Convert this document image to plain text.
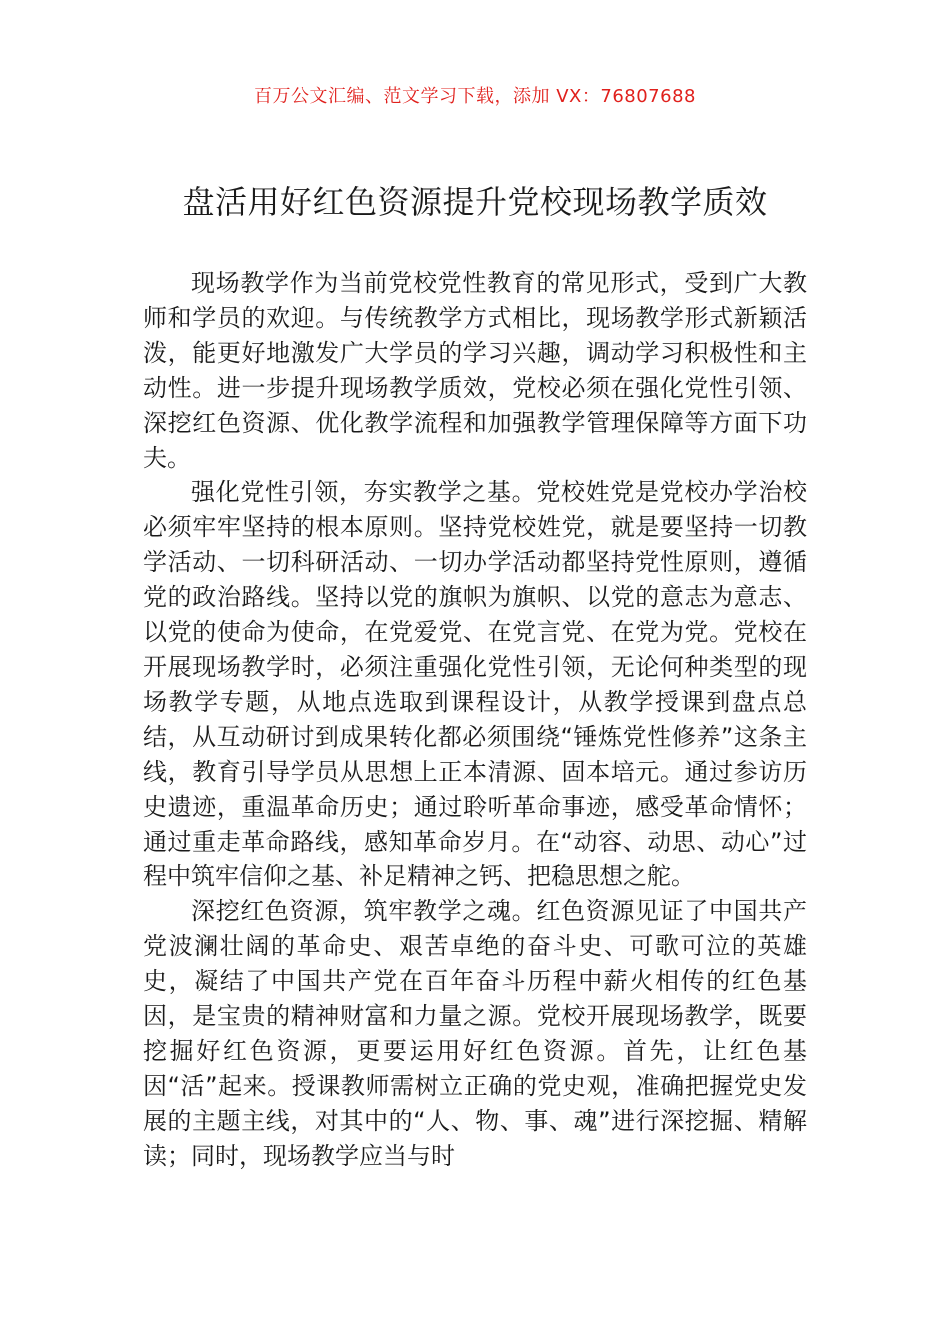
百万公文汇编、范文学习下载，添加 VX：76807688
盘活用好红色资源提升党校现场教学质效

现场教学作为当前党校党性教育的常见形式，受到广大教师和学员的欢迎。与传统教学方式相比，现场教学形式新颖活泼，能更好地激发广大学员的学习兴趣，调动学习积极性和主动性。进一步提升现场教学质效，党校必须在强化党性引领、深挖红色资源、优化教学流程和加强教学管理保障等方面下功夫。

强化党性引领，夯实教学之基。党校姓党是党校办学治校必须牢牢坚持的根本原则。坚持党校姓党，就是要坚持一切教学活动、一切科研活动、一切办学活动都坚持党性原则，遵循党的政治路线。坚持以党的旗帜为旗帜、以党的意志为意志、以党的使命为使命，在党爱党、在党言党、在党为党。党校在开展现场教学时，必须注重强化党性引领，无论何种类型的现场教学专题，从地点选取到课程设计，从教学授课到盘点总结，从互动研讨到成果转化都必须围绕“锤炼党性修养”这条主线，教育引导学员从思想上正本清源、固本培元。通过参访历史遗迹，重温革命历史；通过聆听革命事迹，感受革命情怀；通过重走革命路线，感知革命岁月。在“动容、动思、动心”过程中筑牢信仰之基、补足精神之钙、把稳思想之舵。

深挖红色资源，筑牢教学之魂。红色资源见证了中国共产党波澜壮阔的革命史、艰苦卓绝的奋斗史、可歌可泣的英雄史，凝结了中国共产党在百年奋斗历程中薪火相传的红色基因，是宝贵的精神财富和力量之源。党校开展现场教学，既要挖掘好红色资源，更要运用好红色资源。首先，让红色基因“活”起来。授课教师需树立正确的党史观，准确把握党史发展的主题主线，对其中的“人、物、事、魂”进行深挖掘、精解读；同时，现场教学应当与时
